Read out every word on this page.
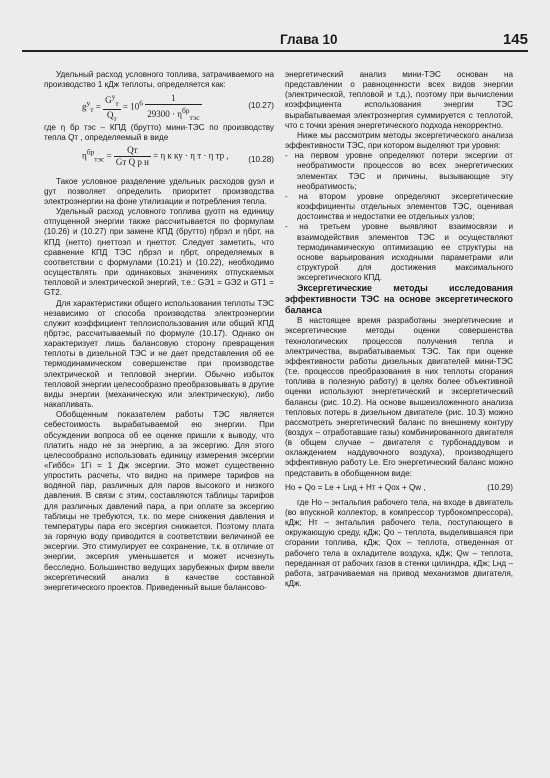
Глава 10	145

Удельный расход условного топлива, затрачиваемого на производство 1 кДж теплоты, определяется как:

$g^у_т = \frac{G^у_т}{Q_т} = 10^6 \frac{1}{29300 \cdot \eta^{бр}_{тэс}}$	(10.27)

где η бр тэс – КПД (брутто) мини-ТЭС по производству тепла Qт , определяемый в виде

$\eta^{бр}_{тэс} = \frac{Qт}{\text{Gт Q р н}} = \eta$ к ку · η т · η тр , (10.28)

Такое условное разделение удельных расходов gуэл и gут позволяет определить приоритет производства электроэнергии на фоне утилизации и потребления тепла.

Удельный расход условного топлива gуотп на единицу отпущенной энергии также рассчитывается по формулам (10.26) и (10.27) при замене КПД (брутто) ηбрэл и ηбрт, на КПД (нетто) ηнеттоэл и ηнеттот. Следует заметить, что сравнение КПД ТЭС ηбрэл и ηбрт, определяемых в соответствии с формулами (10.21) и (10.22), необходимо осуществлять при одинаковых значениях отпускаемых тепловой и электрической энергий, т.е.: GЭ1 = GЭ2 и GТ1 = GТ2.

Для характеристики общего использования теплоты ТЭС независимо от способа производства электроэнергии служит коэффициент теплоиспользования или общий КПД ηбртэс, рассчитываемый по формуле (10.17). Однако он характеризует лишь балансовую сторону превращения теплоты в дизельной ТЭС и не дает представления об ее термодинамическом совершенстве при производстве электрической и тепловой энергии. Обычно избыток тепловой энергии целесообразно преобразовывать в другие виды энергии (механическую или электрическую), либо накапливать.

Обобщенным показателем работы ТЭС является себестоимость вырабатываемой ею энергии. При обсуждении вопроса об ее оценке пришли к выводу, что платить надо не за энергию, а за эксергию. Для этого целесообразно использовать единицу измерения эксергии «Гиббс» 1Гі = 1 Дж эксергии. Это может существенно упростить расчеты, что видно на примере тарифов на водяной пар, различных для паров высокого и низкого давления. В связи с этим, составляются таблицы тарифов для различных давлений пара, а при оплате за эксергию таблицы не требуются, т.к. по мере снижения давления и температуры пара его эксергия снижается. Поэтому плата за горячую воду приводится в соответствии величиной ее эксергии. Это стимулирует ее сохранение, т.к. в отличие от энергии, эксергия уменьшается и может исчезнуть бесследно. Большинство ведущих зарубежных фирм ввели эксергетический анализ в качестве составной энергетического проектов. Приведенный выше балансово-

энергетический анализ мини-ТЭС основан на представлении о равноценности всех видов энергии (электрической, тепловой и т.д.), поэтому при вычислении коэффициента использования энергии ТЭС вырабатываемая электроэнергия суммируется с теплотой, что с точки зрения энергетического подхода некорректно.

Ниже мы рассмотрим методы эксергетического анализа эффективности ТЭС, при котором выделяют три уровня:

- на первом уровне определяют потери эксергии от необратимости процессов во всех энергетических элементах ТЭС и причины, вызывающие эту необратимость;

- на втором уровне определяют эксергетические коэффициенты отдельных элементов ТЭС, оценивая достоинства и недостатки ее отдельных узлов;

- на третьем уровне выявляют взаимосвязи и взаимодействия элементов ТЭС и осуществляют термодинамическую оптимизацию ее структуры на основе варьирования исходными параметрами или структурой для достижения максимального эксергетического КПД.

Эксергетические методы исследования эффективности ТЭС на основе эксергетического баланса

В настоящее время разработаны энергетические и эксергетические методы оценки совершенства технологических процессов получения тепла и электричества, вырабатываемых ТЭС. Так при оценке эффективности работы дизельных двигателей мини-ТЭС (т.е. процессов преобразования в них теплоты сгорания топлива в полезную работу) в целях более объективной оценки используют энергетический и эксергетический балансы (рис. 10.2). На основе вышеизложенного анализа тепловых потерь в дизельном двигателе (рис. 10.3) можно рассмотреть энергетический баланс по внешнему контуру (воздух – отработавшие газы) комбинированного двигателя (в общем случае – двигателя с турбонаддувом и охлаждением наддувочного воздуха), производящего эффективную работу Le. Его энергетический баланс можно представить в обобщенном виде:

Hо + Qо = Le + Lнд + Hт + Qох + Qw ,	(10.29)

где Hо – энтальпия рабочего тела, на входе в двигатель (во впускной коллектор, в компрессор турбокомпрессора), кДж; Hт – энтальпия рабочего тела, поступающего в окружающую среду, кДж; Qо – теплота, выделившаяся при сгорании топлива, кДж; Qох – теплота, отведенная от рабочего тела в охладителе воздуха, кДж; Qw – теплота, переданная от рабочих газов в стенки цилиндра, кДж; Lнд – работа, затрачиваемая на привод механизмов двигателя, кДж.
